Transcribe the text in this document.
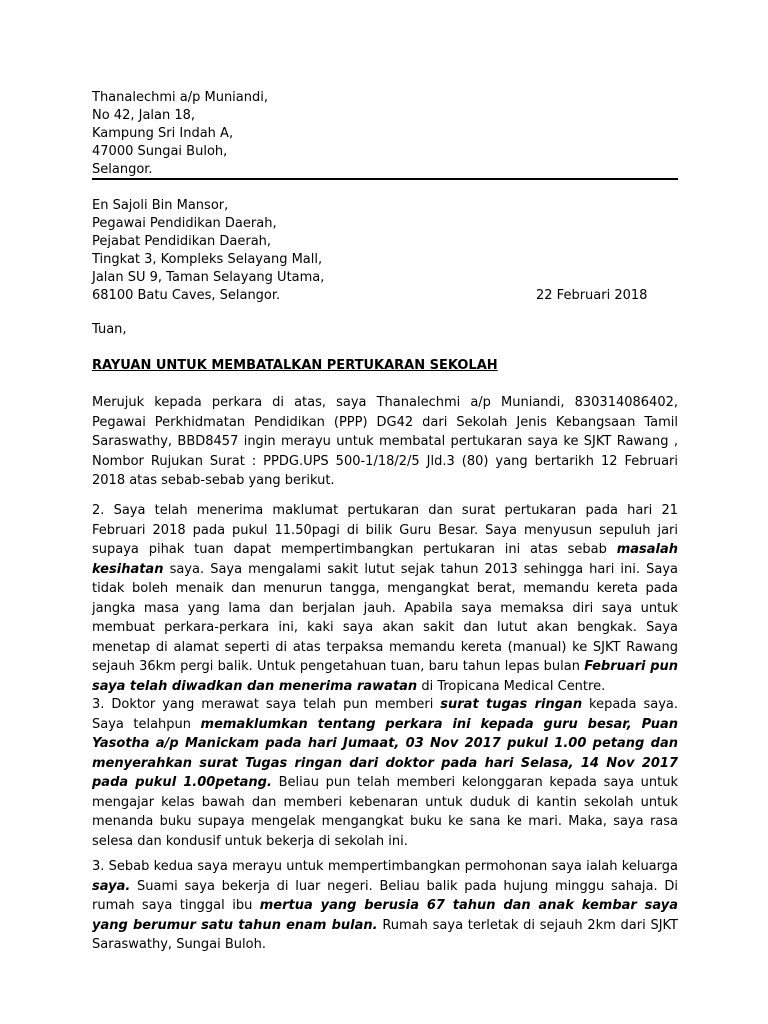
Thanalechmi a/p Muniandi,
No 42, Jalan 18,
Kampung Sri Indah A,
47000 Sungai Buloh,
Selangor.
En Sajoli Bin Mansor,
Pegawai Pendidikan Daerah,
Pejabat Pendidikan Daerah,
Tingkat 3, Kompleks Selayang Mall,
Jalan SU 9, Taman Selayang Utama,
68100 Batu Caves, Selangor.	22 Februari 2018
Tuan,
RAYUAN UNTUK MEMBATALKAN PERTUKARAN SEKOLAH

Merujuk kepada perkara di atas, saya Thanalechmi a/p Muniandi, 830314086402, Pegawai Perkhidmatan Pendidikan (PPP) DG42 dari Sekolah Jenis Kebangsaan Tamil Saraswathy, BBD8457 ingin merayu untuk membatal pertukaran saya ke SJKT Rawang , Nombor Rujukan Surat : PPDG.UPS 500-1/18/2/5 Jld.3 (80) yang bertarikh 12 Februari 2018 atas sebab-sebab yang berikut.

2. Saya telah menerima maklumat pertukaran dan surat pertukaran pada hari 21 Februari 2018 pada pukul 11.50pagi di bilik Guru Besar. Saya menyusun sepuluh jari supaya pihak tuan dapat mempertimbangkan pertukaran ini atas sebab masalah kesihatan saya. Saya mengalami sakit lutut sejak tahun 2013 sehingga hari ini. Saya tidak boleh menaik dan menurun tangga, mengangkat berat, memandu kereta pada jangka masa yang lama dan berjalan jauh. Apabila saya memaksa diri saya untuk membuat perkara-perkara ini, kaki saya akan sakit dan lutut akan bengkak. Saya menetap di alamat seperti di atas terpaksa memandu kereta (manual) ke SJKT Rawang sejauh 36km pergi balik. Untuk pengetahuan tuan, baru tahun lepas bulan Februari pun saya telah diwadkan dan menerima rawatan di Tropicana Medical Centre.

3. Doktor yang merawat saya telah pun memberi surat tugas ringan kepada saya. Saya telahpun memaklumkan tentang perkara ini kepada guru besar, Puan Yasotha a/p Manickam pada hari Jumaat, 03 Nov 2017 pukul 1.00 petang dan menyerahkan surat Tugas ringan dari doktor pada hari Selasa, 14 Nov 2017 pada pukul 1.00petang. Beliau pun telah memberi kelonggaran kepada saya untuk mengajar kelas bawah dan memberi kebenaran untuk duduk di kantin sekolah untuk menanda buku supaya mengelak mengangkat buku ke sana ke mari. Maka, saya rasa selesa dan kondusif untuk bekerja di sekolah ini.

3. Sebab kedua saya merayu untuk mempertimbangkan permohonan saya ialah keluarga saya. Suami saya bekerja di luar negeri. Beliau balik pada hujung minggu sahaja. Di rumah saya tinggal ibu mertua yang berusia 67 tahun dan anak kembar saya yang berumur satu tahun enam bulan. Rumah saya terletak di sejauh 2km dari SJKT Saraswathy, Sungai Buloh.
